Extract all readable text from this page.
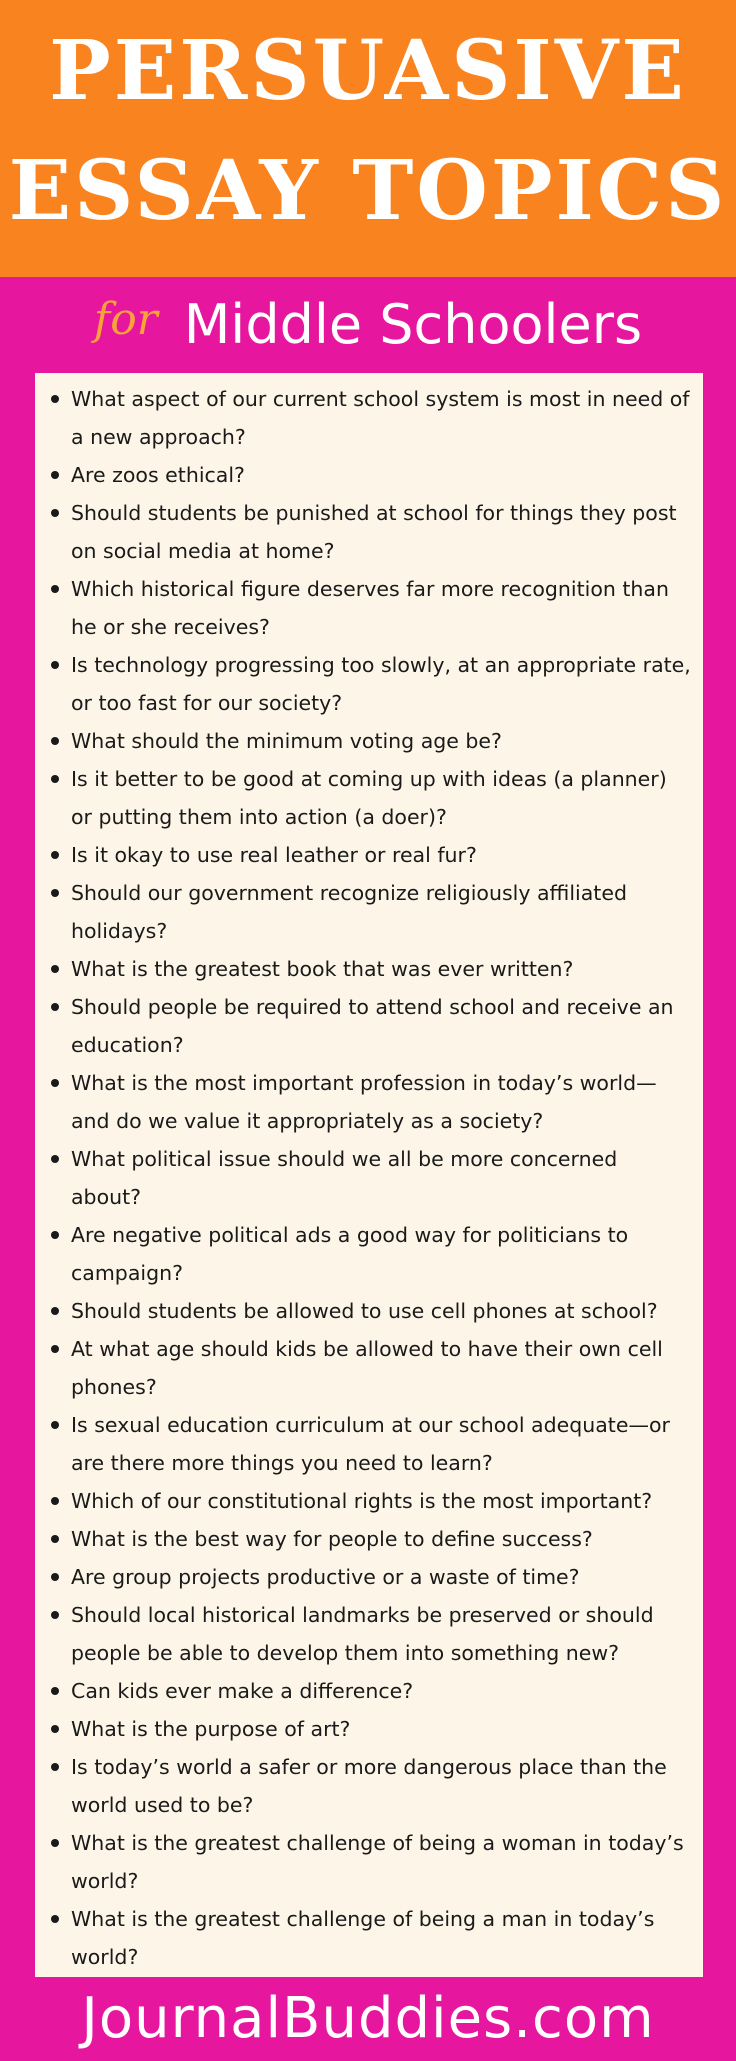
PERSUASIVE
ESSAY TOPICS
for Middle Schoolers
What aspect of our current school system is most in need of a new approach?
Are zoos ethical?
Should students be punished at school for things they post on social media at home?
Which historical figure deserves far more recognition than he or she receives?
Is technology progressing too slowly, at an appropriate rate, or too fast for our society?
What should the minimum voting age be?
Is it better to be good at coming up with ideas (a planner) or putting them into action (a doer)?
Is it okay to use real leather or real fur?
Should our government recognize religiously affiliated holidays?
What is the greatest book that was ever written?
Should people be required to attend school and receive an education?
What is the most important profession in today’s world—and do we value it appropriately as a society?
What political issue should we all be more concerned about?
Are negative political ads a good way for politicians to campaign?
Should students be allowed to use cell phones at school?
At what age should kids be allowed to have their own cell phones?
Is sexual education curriculum at our school adequate—or are there more things you need to learn?
Which of our constitutional rights is the most important?
What is the best way for people to define success?
Are group projects productive or a waste of time?
Should local historical landmarks be preserved or should people be able to develop them into something new?
Can kids ever make a difference?
What is the purpose of art?
Is today’s world a safer or more dangerous place than the world used to be?
What is the greatest challenge of being a woman in today’s world?
What is the greatest challenge of being a man in today’s world?
JournalBuddies.com
